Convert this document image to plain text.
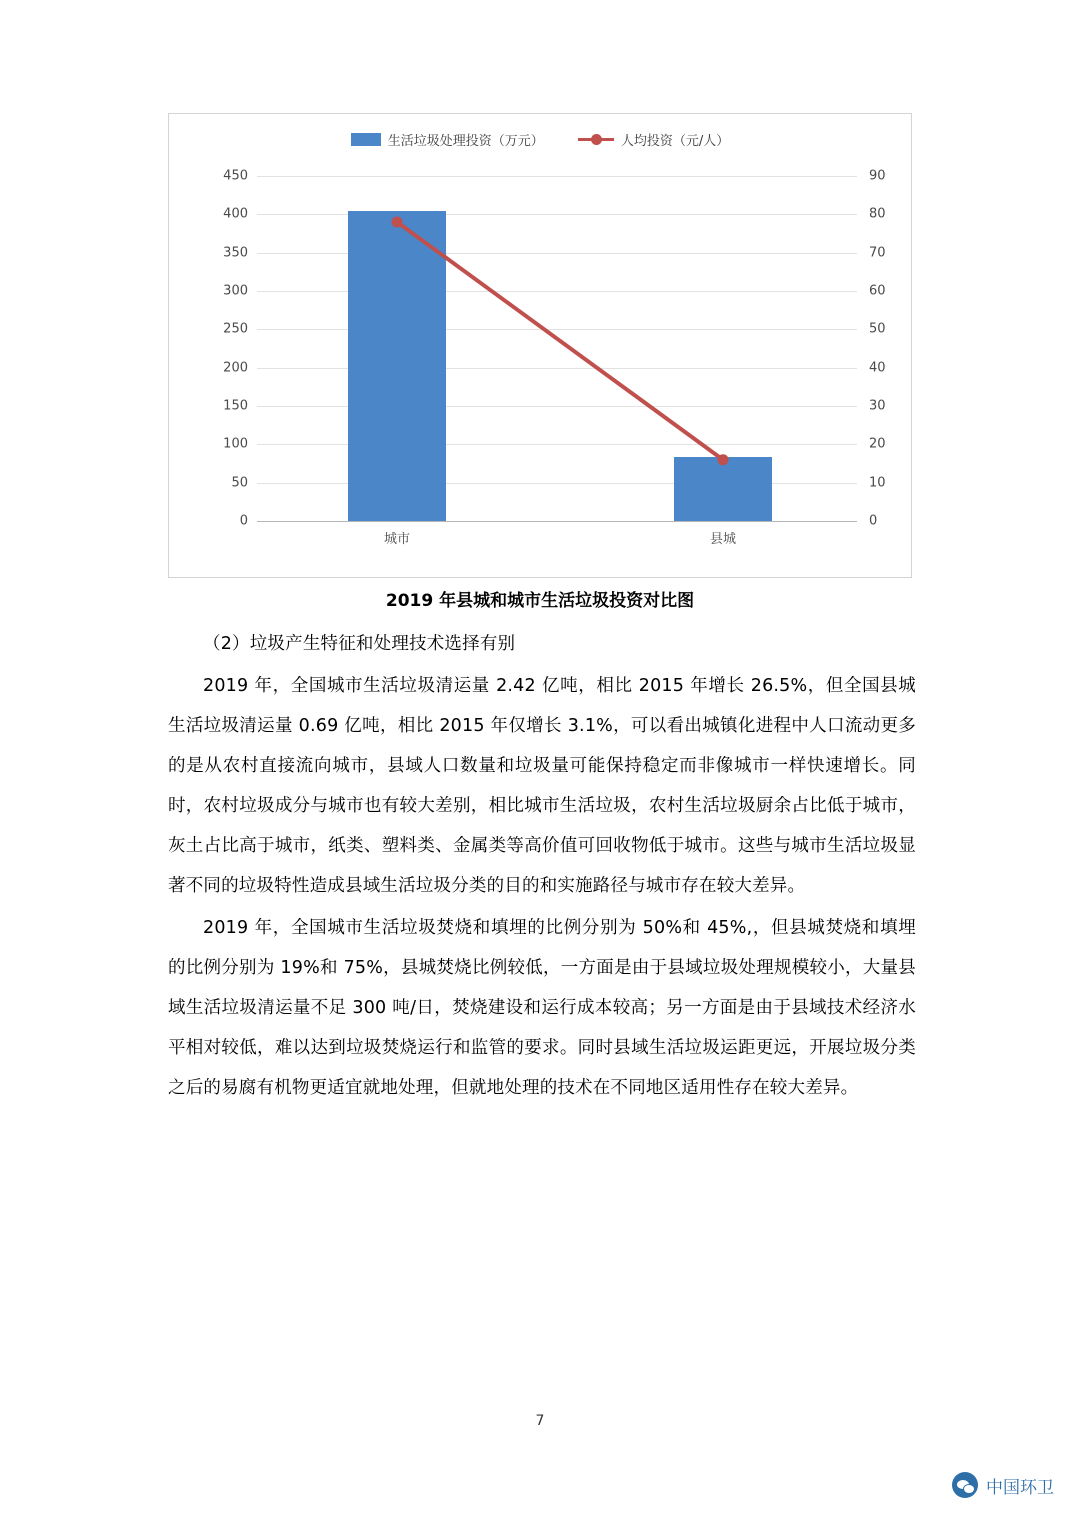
生活垃圾处理投资（万元）	人均投资（元/人）
450
400
350
300
250
200
150
100
50
0
90
80
70
60
50
40
30
20
10
0
城市	县城
2019 年县城和城市生活垃圾投资对比图

（2）垃圾产生特征和处理技术选择有别

2019 年，全国城市生活垃圾清运量 2.42 亿吨，相比 2015 年增长 26.5%，但全国县城生活垃圾清运量 0.69 亿吨，相比 2015 年仅增长 3.1%，可以看出城镇化进程中人口流动更多的是从农村直接流向城市，县域人口数量和垃圾量可能保持稳定而非像城市一样快速增长。同时，农村垃圾成分与城市也有较大差别，相比城市生活垃圾，农村生活垃圾厨余占比低于城市，灰土占比高于城市，纸类、塑料类、金属类等高价值可回收物低于城市。这些与城市生活垃圾显著不同的垃圾特性造成县域生活垃圾分类的目的和实施路径与城市存在较大差异。

2019 年，全国城市生活垃圾焚烧和填埋的比例分别为 50%和 45%,，但县城焚烧和填埋的比例分别为 19%和 75%，县城焚烧比例较低，一方面是由于县域垃圾处理规模较小，大量县域生活垃圾清运量不足 300 吨/日，焚烧建设和运行成本较高；另一方面是由于县域技术经济水平相对较低，难以达到垃圾焚烧运行和监管的要求。同时县域生活垃圾运距更远，开展垃圾分类之后的易腐有机物更适宜就地处理，但就地处理的技术在不同地区适用性存在较大差异。

7
中国环卫
